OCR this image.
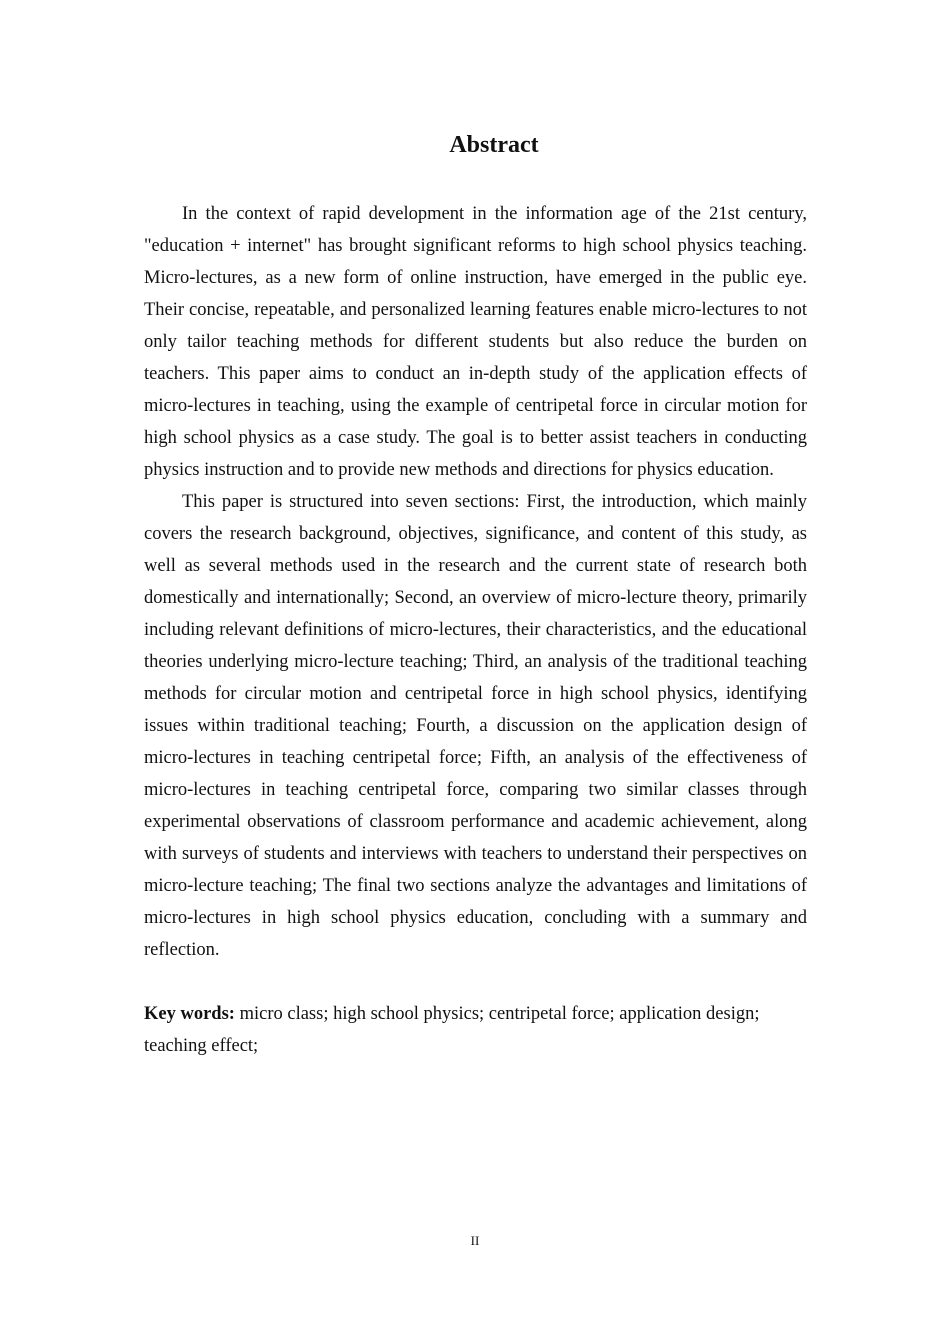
Abstract

In the context of rapid development in the information age of the 21st century, "education + internet" has brought significant reforms to high school physics teaching. Micro-lectures, as a new form of online instruction, have emerged in the public eye. Their concise, repeatable, and personalized learning features enable micro-lectures to not only tailor teaching methods for different students but also reduce the burden on teachers. This paper aims to conduct an in-depth study of the application effects of micro-lectures in teaching, using the example of centripetal force in circular motion for high school physics as a case study. The goal is to better assist teachers in conducting physics instruction and to provide new methods and directions for physics education.

This paper is structured into seven sections: First, the introduction, which mainly covers the research background, objectives, significance, and content of this study, as well as several methods used in the research and the current state of research both domestically and internationally; Second, an overview of micro-lecture theory, primarily including relevant definitions of micro-lectures, their characteristics, and the educational theories underlying micro-lecture teaching; Third, an analysis of the traditional teaching methods for circular motion and centripetal force in high school physics, identifying issues within traditional teaching; Fourth, a discussion on the application design of micro-lectures in teaching centripetal force; Fifth, an analysis of the effectiveness of micro-lectures in teaching centripetal force, comparing two similar classes through experimental observations of classroom performance and academic achievement, along with surveys of students and interviews with teachers to understand their perspectives on micro-lecture teaching; The final two sections analyze the advantages and limitations of micro-lectures in high school physics education, concluding with a summary and reflection.

Key words: micro class; high school physics; centripetal force; application design; teaching effect;

II
